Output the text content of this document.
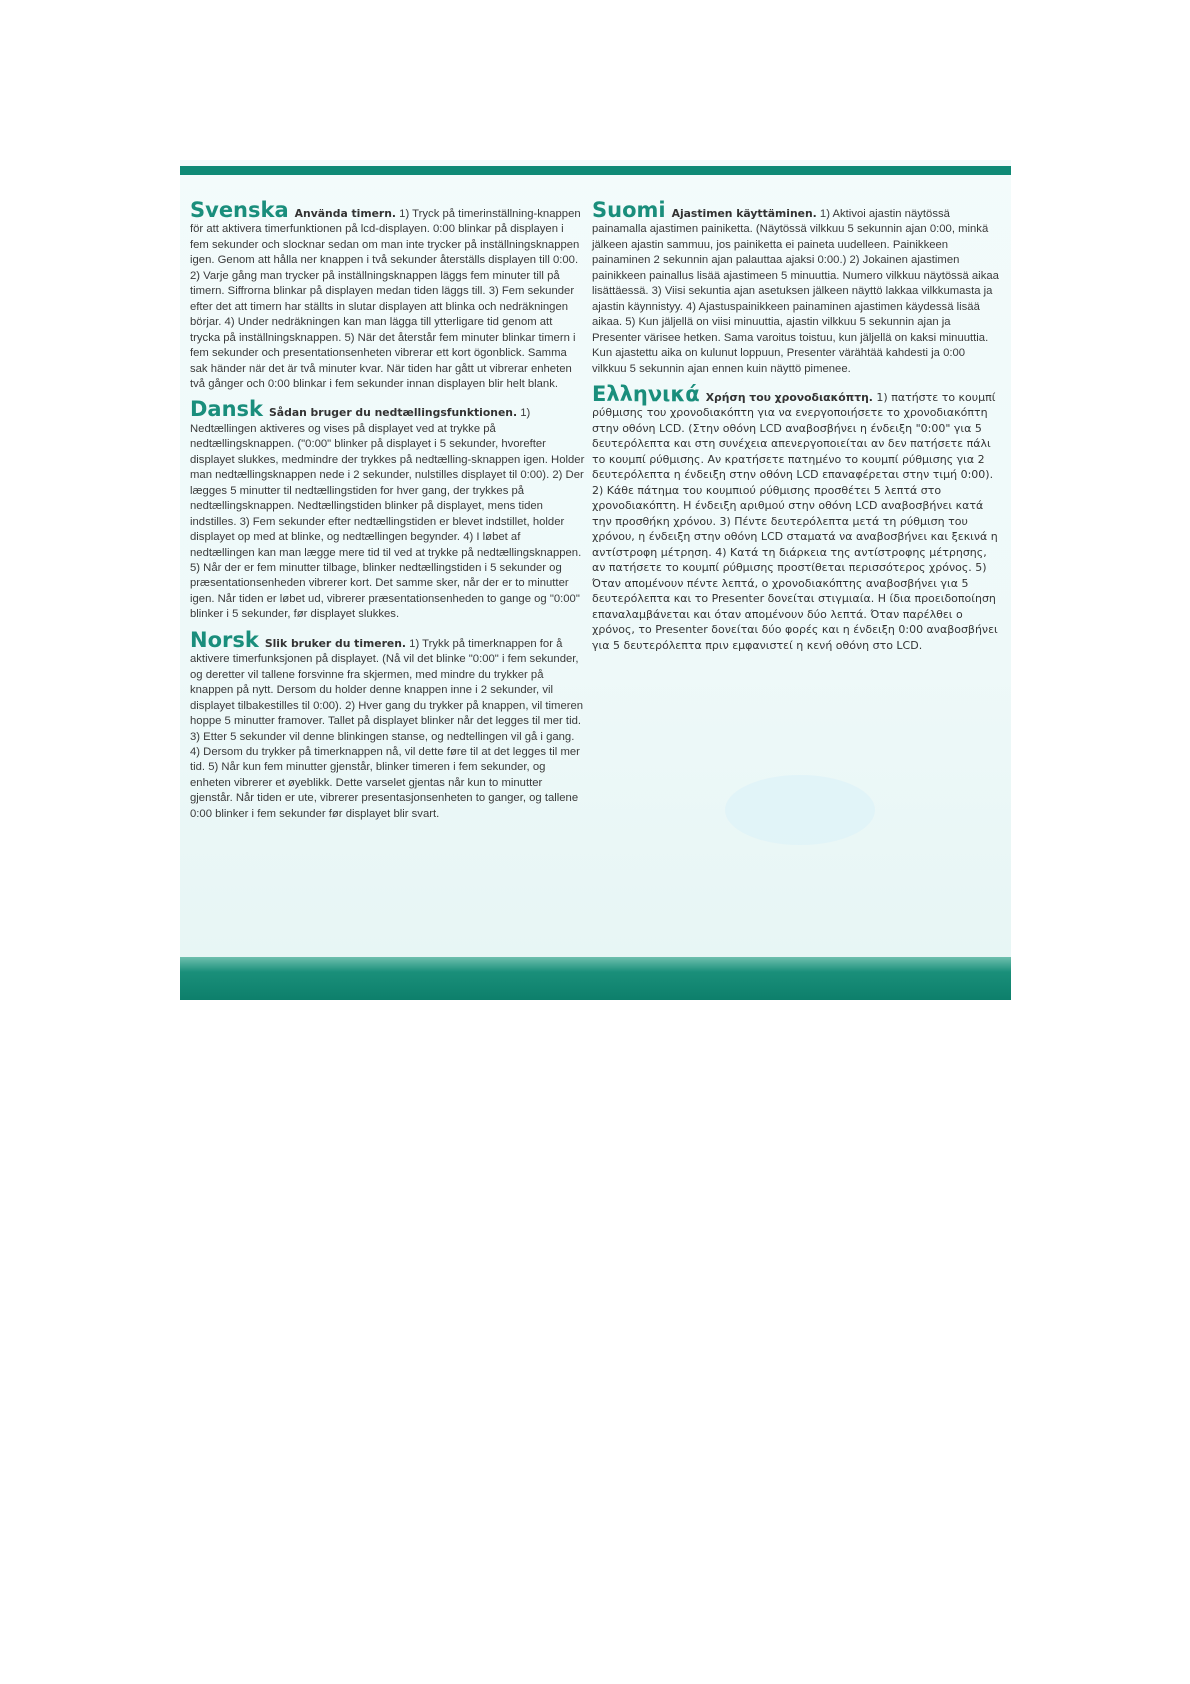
Svenska Använda timern. 1) Tryck på timerinställning-knappen för att aktivera timerfunktionen på lcd-displayen. 0:00 blinkar på displayen i fem sekunder och slocknar sedan om man inte trycker på inställningsknappen igen. Genom att hålla ner knappen i två sekunder återställs displayen till 0:00. 2) Varje gång man trycker på inställningsknappen läggs fem minuter till på timern. Siffrorna blinkar på displayen medan tiden läggs till. 3) Fem sekunder efter det att timern har ställts in slutar displayen att blinka och nedräkningen börjar. 4) Under nedräkningen kan man lägga till ytterligare tid genom att trycka på inställningsknappen. 5) När det återstår fem minuter blinkar timern i fem sekunder och presentationsenheten vibrerar ett kort ögonblick. Samma sak händer när det är två minuter kvar. När tiden har gått ut vibrerar enheten två gånger och 0:00 blinkar i fem sekunder innan displayen blir helt blank.
Dansk Sådan bruger du nedtællingsfunktionen. 1) Nedtællingen aktiveres og vises på displayet ved at trykke på nedtællingsknappen. ("0:00" blinker på displayet i 5 sekunder, hvorefter displayet slukkes, medmindre der trykkes på nedtælling-sknappen igen. Holder man nedtællingsknappen nede i 2 sekunder, nulstilles displayet til 0:00). 2) Der lægges 5 minutter til nedtællingstiden for hver gang, der trykkes på nedtællingsknappen. Nedtællingstiden blinker på displayet, mens tiden indstilles. 3) Fem sekunder efter nedtællingstiden er blevet indstillet, holder displayet op med at blinke, og nedtællingen begynder. 4) I løbet af nedtællingen kan man lægge mere tid til ved at trykke på nedtællingsknappen. 5) Når der er fem minutter tilbage, blinker nedtællingstiden i 5 sekunder og præsentationsenheden vibrerer kort. Det samme sker, når der er to minutter igen. Når tiden er løbet ud, vibrerer præsentationsenheden to gange og "0:00" blinker i 5 sekunder, før displayet slukkes.
Norsk Slik bruker du timeren. 1) Trykk på timerknappen for å aktivere timerfunksjonen på displayet. (Nå vil det blinke "0:00" i fem sekunder, og deretter vil tallene forsvinne fra skjermen, med mindre du trykker på knappen på nytt. Dersom du holder denne knappen inne i 2 sekunder, vil displayet tilbakestilles til 0:00). 2) Hver gang du trykker på knappen, vil timeren hoppe 5 minutter framover. Tallet på displayet blinker når det legges til mer tid. 3) Etter 5 sekunder vil denne blinkingen stanse, og nedtellingen vil gå i gang. 4) Dersom du trykker på timerknappen nå, vil dette føre til at det legges til mer tid. 5) Når kun fem minutter gjenstår, blinker timeren i fem sekunder, og enheten vibrerer et øyeblikk. Dette varselet gjentas når kun to minutter gjenstår. Når tiden er ute, vibrerer presentasjonsenheten to ganger, og tallene 0:00 blinker i fem sekunder før displayet blir svart.
Suomi Ajastimen käyttäminen. 1) Aktivoi ajastin näytössä painamalla ajastimen painiketta. (Näytössä vilkkuu 5 sekunnin ajan 0:00, minkä jälkeen ajastin sammuu, jos painiketta ei paineta uudelleen. Painikkeen painaminen 2 sekunnin ajan palauttaa ajaksi 0:00.) 2) Jokainen ajastimen painikkeen painallus lisää ajastimeen 5 minuuttia. Numero vilkkuu näytössä aikaa lisättäessä. 3) Viisi sekuntia ajan asetuksen jälkeen näyttö lakkaa vilkkumasta ja ajastin käynnistyy. 4) Ajastuspainikkeen painaminen ajastimen käydessä lisää aikaa. 5) Kun jäljellä on viisi minuuttia, ajastin vilkkuu 5 sekunnin ajan ja Presenter värisee hetken. Sama varoitus toistuu, kun jäljellä on kaksi minuuttia. Kun ajastettu aika on kulunut loppuun, Presenter värähtää kahdesti ja 0:00 vilkkuu 5 sekunnin ajan ennen kuin näyttö pimenee.
Ελληνικά Χρήση του χρονοδιακόπτη. 1) πατήστε το κουμπί ρύθμισης του χρονοδιακόπτη για να ενεργοποιήσετε το χρονοδιακόπτη στην οθόνη LCD. (Στην οθόνη LCD αναβοσβήνει η ένδειξη "0:00" για 5 δευτερόλεπτα και στη συνέχεια απενεργοποιείται αν δεν πατήσετε πάλι το κουμπί ρύθμισης. Αν κρατήσετε πατημένο το κουμπί ρύθμισης για 2 δευτερόλεπτα η ένδειξη στην οθόνη LCD επαναφέρεται στην τιμή 0:00). 2) Κάθε πάτημα του κουμπιού ρύθμισης προσθέτει 5 λεπτά στο χρονοδιακόπτη. Η ένδειξη αριθμού στην οθόνη LCD αναβοσβήνει κατά την προσθήκη χρόνου. 3) Πέντε δευτερόλεπτα μετά τη ρύθμιση του χρόνου, η ένδειξη στην οθόνη LCD σταματά να αναβοσβήνει και ξεκινά η αντίστροφη μέτρηση. 4) Κατά τη διάρκεια της αντίστροφης μέτρησης, αν πατήσετε το κουμπί ρύθμισης προστίθεται περισσότερος χρόνος. 5) Όταν απομένουν πέντε λεπτά, ο χρονοδιακόπτης αναβοσβήνει για 5 δευτερόλεπτα και το Presenter δονείται στιγμιαία. Η ίδια προειδοποίηση επαναλαμβάνεται και όταν απομένουν δύο λεπτά. Όταν παρέλθει ο χρόνος, το Presenter δονείται δύο φορές και η ένδειξη 0:00 αναβοσβήνει για 5 δευτερόλεπτα πριν εμφανιστεί η κενή οθόνη στο LCD.
